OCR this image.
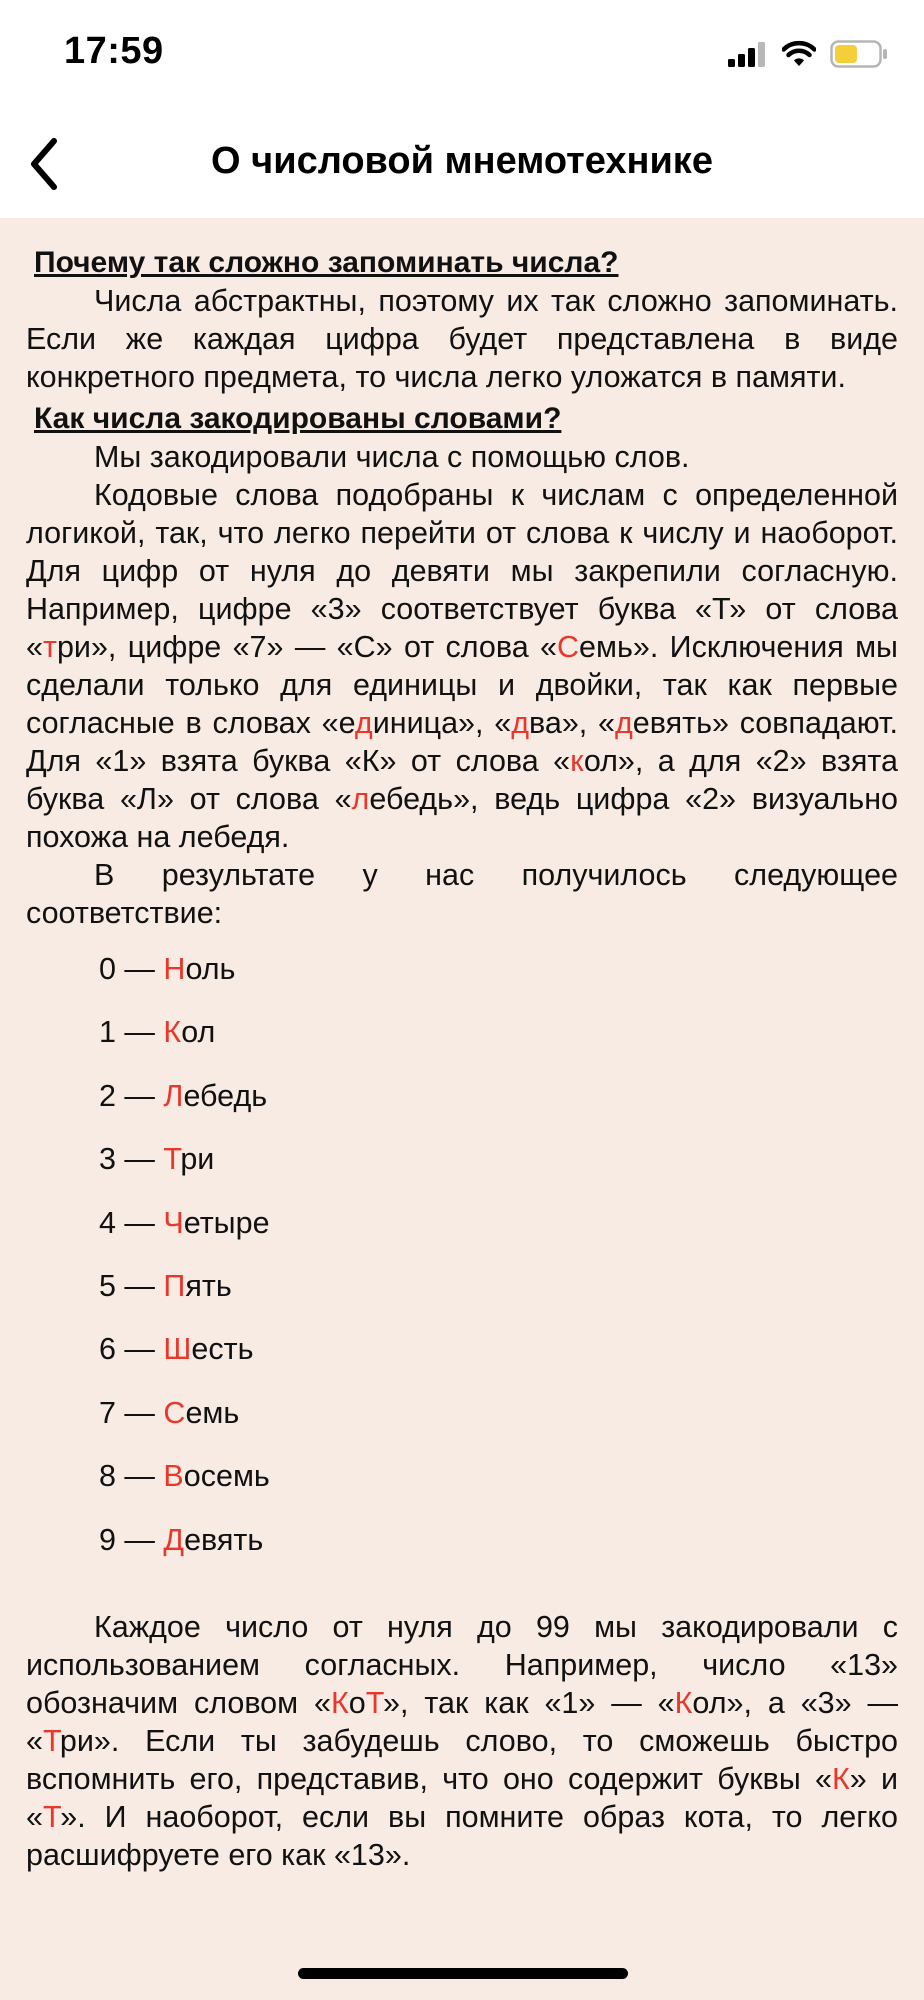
17:59
О числовой мнемотехнике

Почему так сложно запоминать числа?

Числа абстрактны, поэтому их так сложно запоминать. Если же каждая цифра будет представлена в виде конкретного предмета, то числа легко уложатся в памяти.

Как числа закодированы словами?

Мы закодировали числа с помощью слов.

Кодовые слова подобраны к числам с определенной логикой, так, что легко перейти от слова к числу и наоборот. Для цифр от нуля до девяти мы закрепили согласную. Например, цифре «3» соответствует буква «Т» от слова «три», цифре «7» — «С» от слова «Семь». Исключения мы сделали только для единицы и двойки, так как первые согласные в словах «единица», «два», «девять» совпадают. Для «1» взята буква «К» от слова «кол», а для «2» взята буква «Л» от слова «лебедь», ведь цифра «2» визуально похожа на лебедя.

В результате у нас получилось следующее соответствие:

0 — Ноль
1 — Кол
2 — Лебедь
3 — Три
4 — Четыре
5 — Пять
6 — Шесть
7 — Семь
8 — Восемь
9 — Девять

Каждое число от нуля до 99 мы закодировали с использованием согласных. Например, число «13» обозначим словом «КоТ», так как «1» — «Кол», а «3» — «Три». Если ты забудешь слово, то сможешь быстро вспомнить его, представив, что оно содержит буквы «К» и «Т». И наоборот, если вы помните образ кота, то легко расшифруете его как «13».
